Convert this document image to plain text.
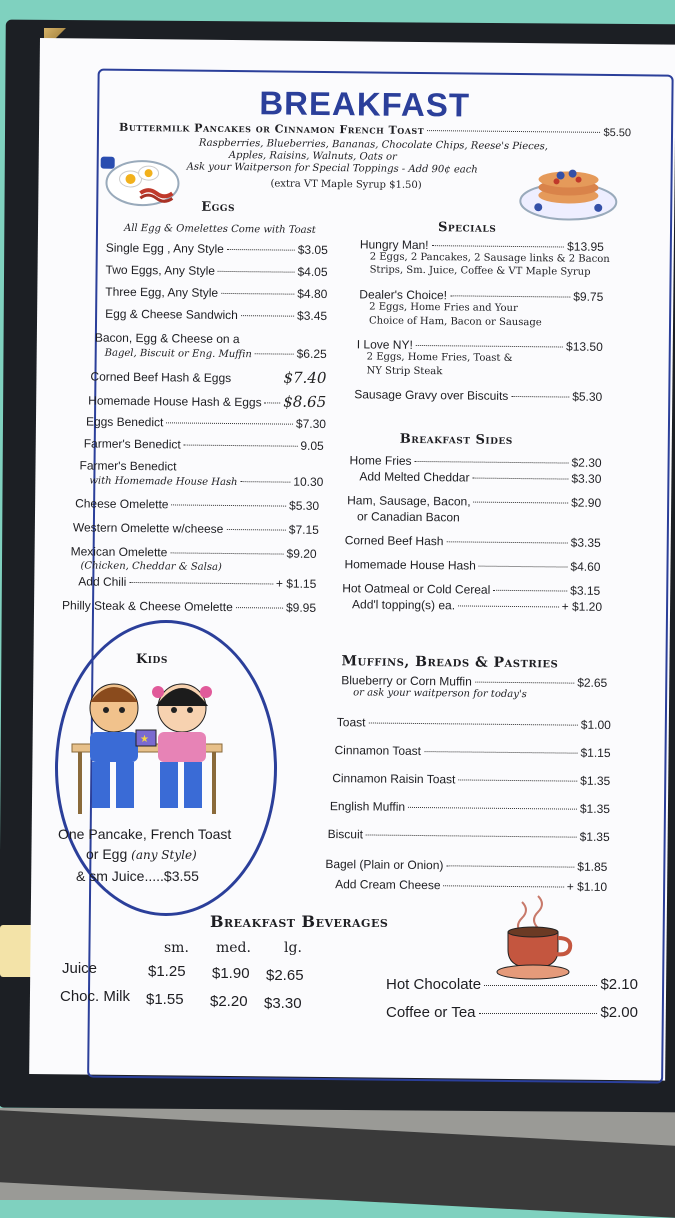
BREAKFAST
Buttermilk Pancakes or Cinnamon French Toast	$5.50
Raspberries, Blueberries, Bananas, Chocolate Chips, Reese's Pieces,
Apples, Raisins, Walnuts, Oats or
Ask your Waitperson for Special Toppings - Add 90¢ each
(extra VT Maple Syrup $1.50)
Eggs
All Egg & Omelettes Come with Toast
Single Egg , Any Style	$3.05
Two Eggs, Any Style	$4.05
Three Egg, Any Style	$4.80
Egg & Cheese Sandwich	$3.45
Bacon, Egg & Cheese on a
Bagel, Biscuit or Eng. Muffin	$6.25
Corned Beef Hash & Eggs	$7.40
Homemade House Hash & Eggs $8.65
Eggs Benedict	$7.30
Farmer's Benedict	9.05
Farmer's Benedict
with Homemade House Hash	10.30
Cheese Omelette	$5.30
Western Omelette w/cheese	$7.15
Mexican Omelette	$9.20
(Chicken, Cheddar & Salsa)
Add Chili	+ $1.15
Philly Steak & Cheese Omelette	$9.95
Specials
Hungry Man!	$13.95
2 Eggs, 2 Pancakes, 2 Sausage links & 2 Bacon
Strips, Sm. Juice, Coffee & VT Maple Syrup
Dealer's Choice!	$9.75
2 Eggs, Home Fries and Your
Choice of Ham, Bacon or Sausage
I Love NY!	$13.50
2 Eggs, Home Fries, Toast &
NY Strip Steak
Sausage Gravy over Biscuits	$5.30
Breakfast Sides
Home Fries	$2.30
Add Melted Cheddar	$3.30
Ham, Sausage, Bacon,	$2.90
or Canadian Bacon
Corned Beef Hash	$3.35
Homemade House Hash	$4.60
Hot Oatmeal or Cold Cereal	$3.15
Add'l topping(s) ea.	+ $1.20
Muffins, Breads & Pastries
Blueberry or Corn Muffin	$2.65
or ask your waitperson for today's
Toast	$1.00
Cinnamon Toast	$1.15
Cinnamon Raisin Toast	$1.35
English Muffin	$1.35
Biscuit	$1.35
Bagel (Plain or Onion)	$1.85
Add Cream Cheese	+ $1.10
Kids
★
One Pancake, French Toast
or Egg (any Style)
& sm Juice.....$3.55
Breakfast Beverages
sm. med. lg.
Juice	$1.25 $1.90 $2.65
Choc. Milk $1.55 $2.20 $3.30
Hot Chocolate	$2.10
Coffee or Tea	$2.00
